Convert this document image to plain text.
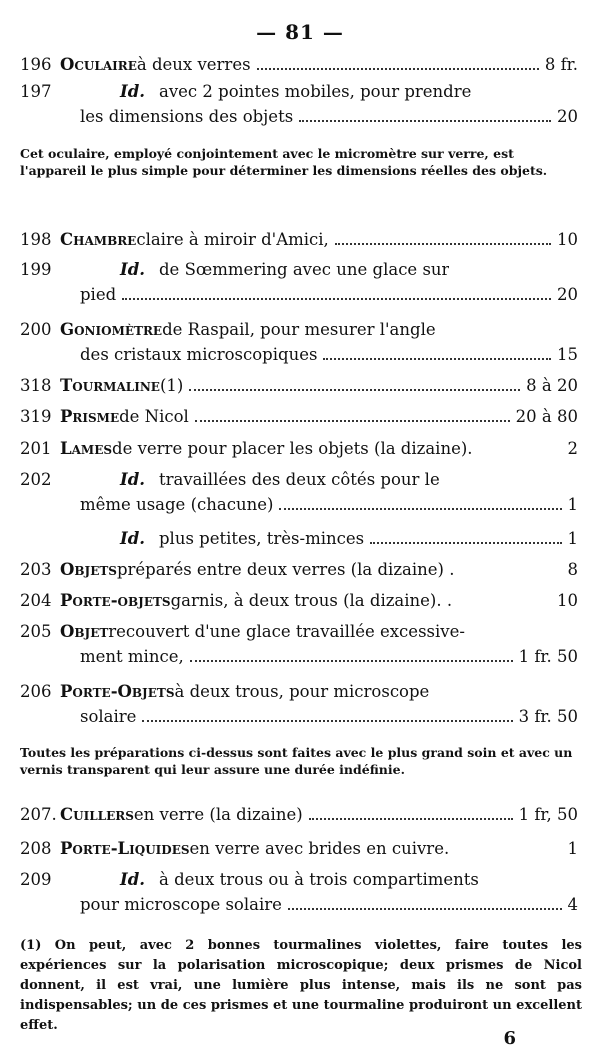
— 81 —
196 Oculaire à deux verres	8 fr.
197	Id. avec 2 pointes mobiles, pour prendre
les dimensions des objets	20
Cet oculaire, employé conjointement avec le micromètre sur verre, est l'appareil le plus simple pour déterminer les dimensions réelles des objets.
198 Chambre claire à miroir d'Amici,	10
199	Id. de Sœmmering avec une glace sur
pied	20
200 Goniomètre de Raspail, pour mesurer l'angle
des cristaux microscopiques	15
318 Tourmaline (1)	8 à 20
319 Prisme de Nicol	20 à 80
201 Lames de verre pour placer les objets (la dizaine).	2
202	Id. travaillées des deux côtés pour le
même usage (chacune)	1
Id. plus petites, très-minces	1
203 Objets préparés entre deux verres (la dizaine) .	8
204 Porte-objets garnis, à deux trous (la dizaine). .	10
205 Objet recouvert d'une glace travaillée excessive-
ment mince,	1 fr. 50
206 Porte-Objets à deux trous, pour microscope
solaire	3 fr. 50
Toutes les préparations ci-dessus sont faites avec le plus grand soin et avec un vernis transparent qui leur assure une durée indéfinie.
207. Cuillers en verre (la dizaine)	1 fr, 50
208 Porte-Liquides en verre avec brides en cuivre.	1
209	Id. à deux trous ou à trois compartiments
pour microscope solaire	4
(1) On peut, avec 2 bonnes tourmalines violettes, faire toutes les expériences sur la polarisation microscopique; deux prismes de Nicol donnent, il est vrai, une lumière plus intense, mais ils ne sont pas indispensables; un de ces prismes et une tourmaline produiront un excellent effet.
6
